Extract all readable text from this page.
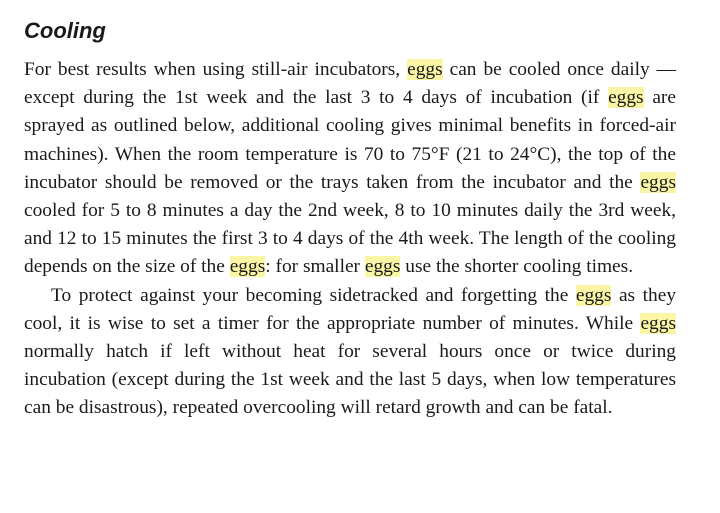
Cooling

For best results when using still-air incubators, eggs can be cooled once daily — except during the 1st week and the last 3 to 4 days of incubation (if eggs are sprayed as outlined below, additional cooling gives minimal benefits in forced-air machines). When the room temperature is 70 to 75°F (21 to 24°C), the top of the incubator should be removed or the trays taken from the incubator and the eggs cooled for 5 to 8 minutes a day the 2nd week, 8 to 10 minutes daily the 3rd week, and 12 to 15 minutes the first 3 to 4 days of the 4th week. The length of the cooling depends on the size of the eggs: for smaller eggs use the shorter cooling times.

To protect against your becoming sidetracked and forgetting the eggs as they cool, it is wise to set a timer for the appropriate number of minutes. While eggs normally hatch if left without heat for several hours once or twice during incubation (except during the 1st week and the last 5 days, when low temperatures can be disastrous), repeated overcooling will retard growth and can be fatal.
